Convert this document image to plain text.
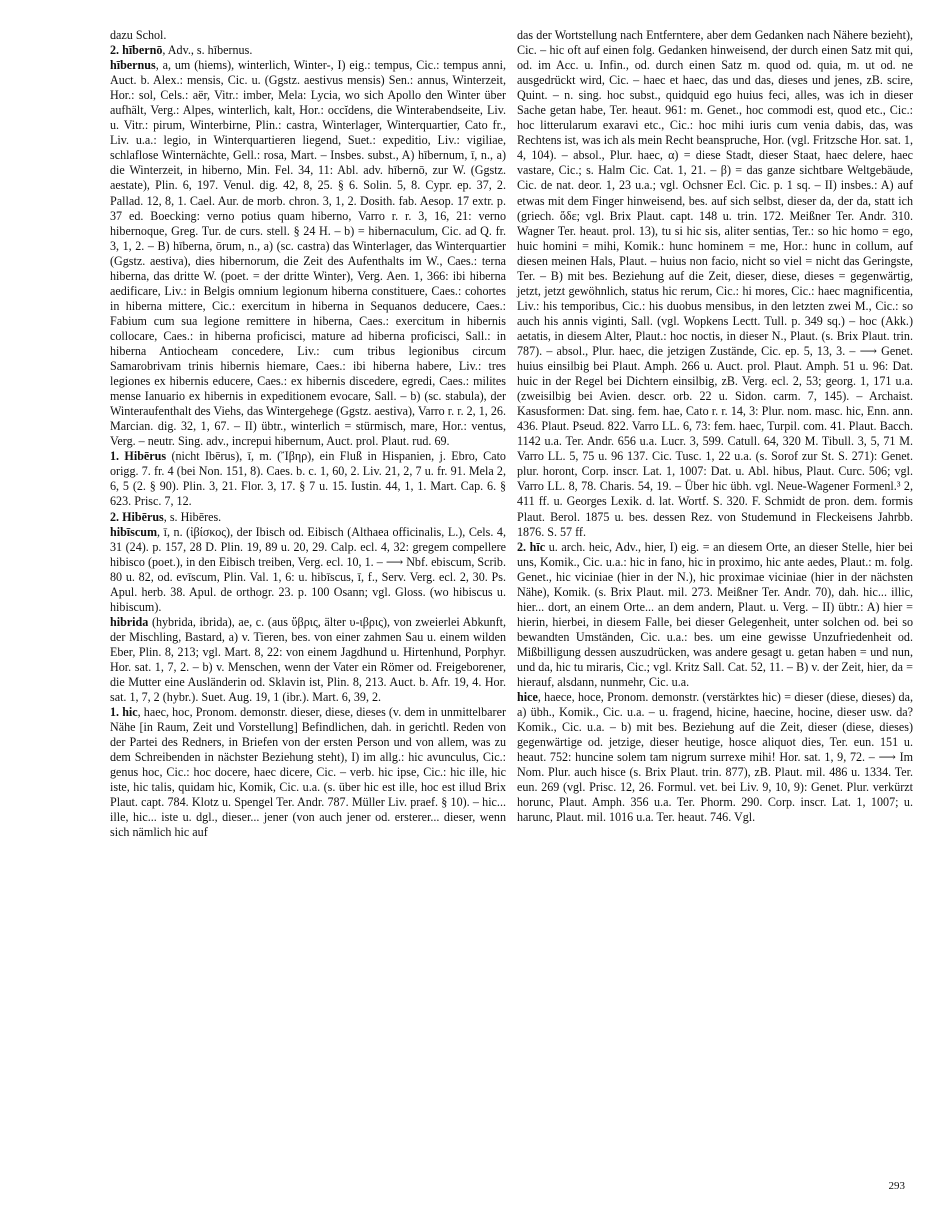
dazu Schol.

2. hībernō, Adv., s. hībernus.

hībernus, a, um (hiems), winterlich, Winter-, I) eig.: tempus, Cic.: tempus anni, Auct. b. Alex.: mensis, Cic. u. (Ggstz. aestivus mensis) Sen.: annus, Winterzeit, Hor.: sol, Cels.: aër, Vitr.: imber, Mela: Lycia, wo sich Apollo den Winter über aufhält, Verg.: Alpes, winterlich, kalt, Hor.: occĭdens, die Winterabendseite, Liv. u. Vitr.: pirum, Winterbirne, Plin.: castra, Winterlager, Winterquartier, Cato fr., Liv. u.a.: legio, in Winterquartieren liegend, Suet.: expeditio, Liv.: vigiliae, schlaflose Winternächte, Gell.: rosa, Mart. – Insbes. subst., A) hībernum, ī, n., a) die Winterzeit, in hiberno, Min. Fel. 34, 11: Abl. adv. hībernō, zur W. (Ggstz. aestate), Plin. 6, 197. Venul. dig. 42, 8, 25. § 6. Solin. 5, 8. Cypr. ep. 37, 2. Pallad. 12, 8, 1. Cael. Aur. de morb. chron. 3, 1, 2. Dosith. fab. Aesop. 17 extr. p. 37 ed. Boecking: verno potius quam hiberno, Varro r. r. 3, 16, 21: verno hibernoque, Greg. Tur. de curs. stell. § 24 H. – b) = hibernaculum, Cic. ad Q. fr. 3, 1, 2. – B) hīberna, ōrum, n., a) (sc. castra) das Winterlager, das Winterquartier (Ggstz. aestiva), dies hibernorum, die Zeit des Aufenthalts im W., Caes.: terna hiberna, das dritte W. (poet. = der dritte Winter), Verg. Aen. 1, 366: ibi hiberna aedificare, Liv.: in Belgis omnium legionum hiberna constituere, Caes.: cohortes in hiberna mittere, Cic.: exercitum in hiberna in Sequanos deducere, Caes.: Fabium cum sua legione remittere in hiberna, Caes.: exercitum in hibernis collocare, Caes.: in hiberna proficisci, mature ad hiberna proficisci, Sall.: in hiberna Antiocheam concedere, Liv.: cum tribus legionibus circum Samarobrivam trinis hibernis hiemare, Caes.: ibi hiberna habere, Liv.: tres legiones ex hibernis educere, Caes.: ex hibernis discedere, egredi, Caes.: milites mense Ianuario ex hibernis in expeditionem evocare, Sall. – b) (sc. stabula), der Winteraufenthalt des Viehs, das Wintergehege (Ggstz. aestiva), Varro r. r. 2, 1, 26. Marcian. dig. 32, 1, 67. – II) übtr., winterlich = stürmisch, mare, Hor.: ventus, Verg. – neutr. Sing. adv., increpui hibernum, Auct. prol. Plaut. rud. 69.

1. Hibērus (nicht Ibērus), ī, m. (Ἴβηρ), ein Fluß in Hispanien, j. Ebro, Cato origg. 7. fr. 4 (bei Non. 151, 8). Caes. b. c. 1, 60, 2. Liv. 21, 2, 7 u. fr. 91. Mela 2, 6, 5 (2. § 90). Plin. 3, 21. Flor. 3, 17. § 7 u. 15. Iustin. 44, 1, 1. Mart. Cap. 6. § 623. Prisc. 7, 12.

2. Hibērus, s. Hibēres.

hibīscum, ī, n. (ἰβίσκος), der Ibisch od. Eibisch (Althaea officinalis, L.), Cels. 4, 31 (24). p. 157, 28 D. Plin. 19, 89 u. 20, 29. Calp. ecl. 4, 32: gregem compellere hibisco (poet.), in den Eibisch treiben, Verg. ecl. 10, 1. – ⟶ Nbf. ebiscum, Scrib. 80 u. 82, od. evīscum, Plin. Val. 1, 6: u. hibīscus, ī, f., Serv. Verg. ecl. 2, 30. Ps. Apul. herb. 38. Apul. de orthogr. 23. p. 100 Osann; vgl. Gloss. (wo hibiscus u. hibiscum).

hibrida (hybrida, ibrida), ae, c. (aus ὕβρις, älter υ-ιβρις), von zweierlei Abkunft, der Mischling, Bastard, a) v. Tieren, bes. von einer zahmen Sau u. einem wilden Eber, Plin. 8, 213; vgl. Mart. 8, 22: von einem Jagdhund u. Hirtenhund, Porphyr. Hor. sat. 1, 7, 2. – b) v. Menschen, wenn der Vater ein Römer od. Freigeborener, die Mutter eine Ausländerin od. Sklavin ist, Plin. 8, 213. Auct. b. Afr. 19, 4. Hor. sat. 1, 7, 2 (hybr.). Suet. Aug. 19, 1 (ibr.). Mart. 6, 39, 2.

1. hic, haec, hoc, Pronom. demonstr. dieser, diese, dieses (v. dem in unmittelbarer Nähe [in Raum, Zeit und Vorstellung] Befindlichen, dah. in gerichtl. Reden von der Partei des Redners, in Briefen von der ersten Person und von allem, was zu dem Schreibenden in nächster Beziehung steht), I) im allg.: hic avunculus, Cic.: genus hoc, Cic.: hoc docere, haec dicere, Cic. – verb. hic ipse, Cic.: hic ille, hic iste, hic talis, quidam hic, Komik, Cic. u.a. (s. über hic est ille, hoc est illud Brix Plaut. capt. 784. Klotz u. Spengel Ter. Andr. 787. Müller Liv. praef. § 10). – hic... ille, hic... iste u. dgl., dieser... jener (von auch jener od. ersterer... dieser, wenn sich nämlich hic auf

das der Wortstellung nach Entferntere, aber dem Gedanken nach Nähere bezieht), Cic. – hic oft auf einen folg. Gedanken hinweisend, der durch einen Satz mit qui, od. im Acc. u. Infin., od. durch einen Satz m. quod od. quia, m. ut od. ne ausgedrückt wird, Cic. – haec et haec, das und das, dieses und jenes, zB. scire, Quint. – n. sing. hoc subst., quidquid ego huius feci, alles, was ich in dieser Sache getan habe, Ter. heaut. 961: m. Genet., hoc commodi est, quod etc., Cic.: hoc litterularum exaravi etc., Cic.: hoc mihi iuris cum venia dabis, das, was Rechtens ist, was ich als mein Recht beanspruche, Hor. (vgl. Fritzsche Hor. sat. 1, 4, 104). – absol., Plur. haec, α) = diese Stadt, dieser Staat, haec delere, haec vastare, Cic.; s. Halm Cic. Cat. 1, 21. – β) = das ganze sichtbare Weltgebäude, Cic. de nat. deor. 1, 23 u.a.; vgl. Ochsner Ecl. Cic. p. 1 sq. – II) insbes.: A) auf etwas mit dem Finger hinweisend, bes. auf sich selbst, dieser da, der da, statt ich (griech. ὅδε; vgl. Brix Plaut. capt. 148 u. trin. 172. Meißner Ter. Andr. 310. Wagner Ter. heaut. prol. 13), tu si hic sis, aliter sentias, Ter.: so hic homo = ego, huic homini = mihi, Komik.: hunc hominem = me, Hor.: hunc in collum, auf diesen meinen Hals, Plaut. – huius non facio, nicht so viel = nicht das Geringste, Ter. – B) mit bes. Beziehung auf die Zeit, dieser, diese, dieses = gegenwärtig, jetzt, jetzt gewöhnlich, status hic rerum, Cic.: hi mores, Cic.: haec magnificentia, Liv.: his temporibus, Cic.: his duobus mensibus, in den letzten zwei M., Cic.: so auch his annis viginti, Sall. (vgl. Wopkens Lectt. Tull. p. 349 sq.) – hoc (Akk.) aetatis, in diesem Alter, Plaut.: hoc noctis, in dieser N., Plaut. (s. Brix Plaut. trin. 787). – absol., Plur. haec, die jetzigen Zustände, Cic. ep. 5, 13, 3. – ⟶ Genet. huius einsilbig bei Plaut. Amph. 266 u. Auct. prol. Plaut. Amph. 51 u. 96: Dat. huic in der Regel bei Dichtern einsilbig, zB. Verg. ecl. 2, 53; georg. 1, 171 u.a. (zweisilbig bei Avien. descr. orb. 22 u. Sidon. carm. 7, 145). – Archaist. Kasusformen: Dat. sing. fem. hae, Cato r. r. 14, 3: Plur. nom. masc. hic, Enn. ann. 436. Plaut. Pseud. 822. Varro LL. 6, 73: fem. haec, Turpil. com. 41. Plaut. Bacch. 1142 u.a. Ter. Andr. 656 u.a. Lucr. 3, 599. Catull. 64, 320 M. Tibull. 3, 5, 71 M. Varro LL. 5, 75 u. 96 137. Cic. Tusc. 1, 22 u.a. (s. Sorof zur St. S. 271): Genet. plur. horont, Corp. inscr. Lat. 1, 1007: Dat. u. Abl. hibus, Plaut. Curc. 506; vgl. Varro LL. 8, 78. Charis. 54, 19. – Über hic übh. vgl. Neue-Wagener Formenl.³ 2, 411 ff. u. Georges Lexik. d. lat. Wortf. S. 320. F. Schmidt de pron. dem. formis Plaut. Berol. 1875 u. bes. dessen Rez. von Studemund in Fleckeisens Jahrbb. 1876. S. 57 ff.

2. hīc u. arch. heic, Adv., hier, I) eig. = an diesem Orte, an dieser Stelle, hier bei uns, Komik., Cic. u.a.: hic in fano, hic in proximo, hic ante aedes, Plaut.: m. folg. Genet., hic viciniae (hier in der N.), hic proximae viciniae (hier in der nächsten Nähe), Komik. (s. Brix Plaut. mil. 273. Meißner Ter. Andr. 70), dah. hic... illic, hier... dort, an einem Orte... an dem andern, Plaut. u. Verg. – II) übtr.: A) hier = hierin, hierbei, in diesem Falle, bei dieser Gelegenheit, unter solchen od. bei so bewandten Umständen, Cic. u.a.: bes. um eine gewisse Unzufriedenheit od. Mißbilligung dessen auszudrücken, was andere gesagt u. getan haben = und nun, und da, hic tu miraris, Cic.; vgl. Kritz Sall. Cat. 52, 11. – B) v. der Zeit, hier, da = hierauf, alsdann, nunmehr, Cic. u.a.

hice, haece, hoce, Pronom. demonstr. (verstärktes hic) = dieser (diese, dieses) da, a) übh., Komik., Cic. u.a. – u. fragend, hicine, haecine, hocine, dieser usw. da? Komik., Cic. u.a. – b) mit bes. Beziehung auf die Zeit, dieser (diese, dieses) gegenwärtige od. jetzige, dieser heutige, hosce aliquot dies, Ter. eun. 151 u. heaut. 752: huncine solem tam nigrum surrexe mihi! Hor. sat. 1, 9, 72. – ⟶ Im Nom. Plur. auch hisce (s. Brix Plaut. trin. 877), zB. Plaut. mil. 486 u. 1334. Ter. eun. 269 (vgl. Prisc. 12, 26. Formul. vet. bei Liv. 9, 10, 9): Genet. Plur. verkürzt horunc, Plaut. Amph. 356 u.a. Ter. Phorm. 290. Corp. inscr. Lat. 1, 1007; u. harunc, Plaut. mil. 1016 u.a. Ter. heaut. 746. Vgl.

293
